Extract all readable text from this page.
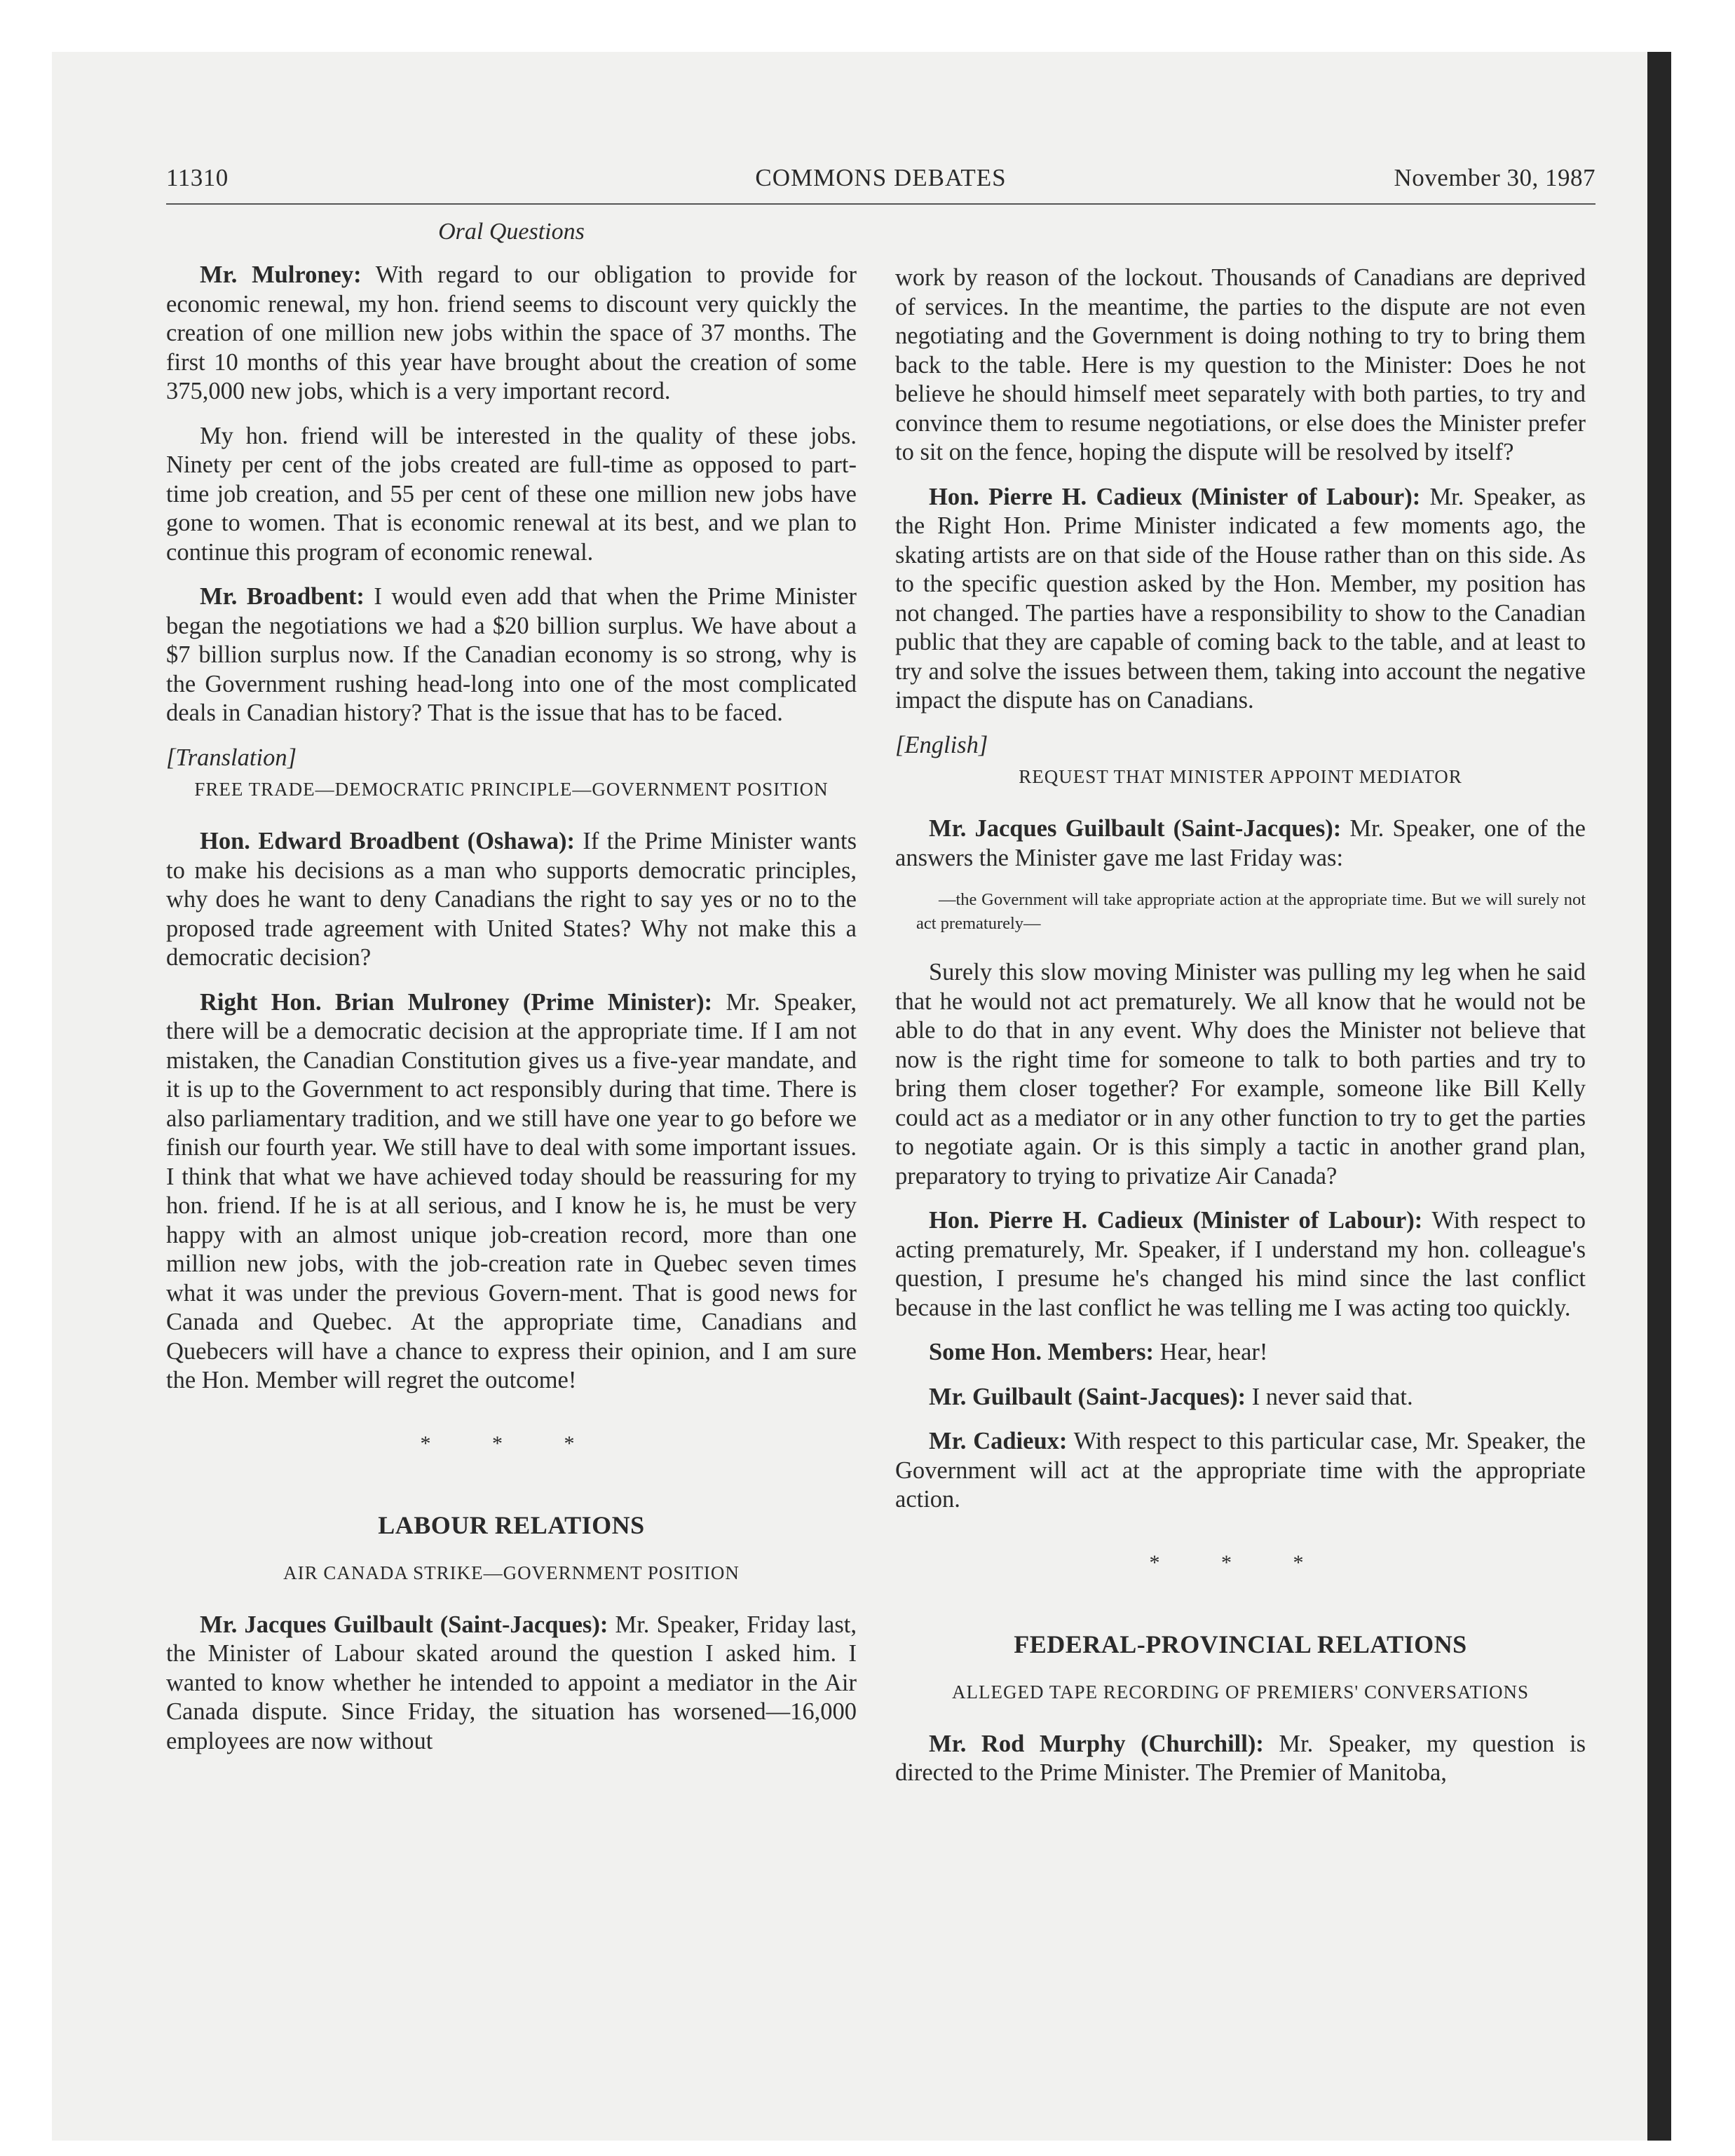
11310	COMMONS DEBATES	November 30, 1987
Oral Questions

Mr. Mulroney: With regard to our obligation to provide for economic renewal, my hon. friend seems to discount very quickly the creation of one million new jobs within the space of 37 months. The first 10 months of this year have brought about the creation of some 375,000 new jobs, which is a very important record.

My hon. friend will be interested in the quality of these jobs. Ninety per cent of the jobs created are full-time as opposed to part-time job creation, and 55 per cent of these one million new jobs have gone to women. That is economic renewal at its best, and we plan to continue this program of economic renewal.

Mr. Broadbent: I would even add that when the Prime Minister began the negotiations we had a $20 billion surplus. We have about a $7 billion surplus now. If the Canadian economy is so strong, why is the Government rushing head-long into one of the most complicated deals in Canadian history? That is the issue that has to be faced.

[Translation]
FREE TRADE—DEMOCRATIC PRINCIPLE—GOVERNMENT POSITION

Hon. Edward Broadbent (Oshawa): If the Prime Minister wants to make his decisions as a man who supports democratic principles, why does he want to deny Canadians the right to say yes or no to the proposed trade agreement with United States? Why not make this a democratic decision?

Right Hon. Brian Mulroney (Prime Minister): Mr. Speaker, there will be a democratic decision at the appropriate time. If I am not mistaken, the Canadian Constitution gives us a five-year mandate, and it is up to the Government to act responsibly during that time. There is also parliamentary tradition, and we still have one year to go before we finish our fourth year. We still have to deal with some important issues. I think that what we have achieved today should be reassuring for my hon. friend. If he is at all serious, and I know he is, he must be very happy with an almost unique job-creation record, more than one million new jobs, with the job-creation rate in Quebec seven times what it was under the previous Govern-ment. That is good news for Canada and Quebec. At the appropriate time, Canadians and Quebecers will have a chance to express their opinion, and I am sure the Hon. Member will regret the outcome!

* * *
LABOUR RELATIONS
AIR CANADA STRIKE—GOVERNMENT POSITION

Mr. Jacques Guilbault (Saint-Jacques): Mr. Speaker, Friday last, the Minister of Labour skated around the question I asked him. I wanted to know whether he intended to appoint a mediator in the Air Canada dispute. Since Friday, the situation has worsened—16,000 employees are now without

work by reason of the lockout. Thousands of Canadians are deprived of services. In the meantime, the parties to the dispute are not even negotiating and the Government is doing nothing to try to bring them back to the table. Here is my question to the Minister: Does he not believe he should himself meet separately with both parties, to try and convince them to resume negotiations, or else does the Minister prefer to sit on the fence, hoping the dispute will be resolved by itself?

Hon. Pierre H. Cadieux (Minister of Labour): Mr. Speaker, as the Right Hon. Prime Minister indicated a few moments ago, the skating artists are on that side of the House rather than on this side. As to the specific question asked by the Hon. Member, my position has not changed. The parties have a responsibility to show to the Canadian public that they are capable of coming back to the table, and at least to try and solve the issues between them, taking into account the negative impact the dispute has on Canadians.

[English]
REQUEST THAT MINISTER APPOINT MEDIATOR

Mr. Jacques Guilbault (Saint-Jacques): Mr. Speaker, one of the answers the Minister gave me last Friday was:

—the Government will take appropriate action at the appropriate time. But we will surely not act prematurely—

Surely this slow moving Minister was pulling my leg when he said that he would not act prematurely. We all know that he would not be able to do that in any event. Why does the Minister not believe that now is the right time for someone to talk to both parties and try to bring them closer together? For example, someone like Bill Kelly could act as a mediator or in any other function to try to get the parties to negotiate again. Or is this simply a tactic in another grand plan, preparatory to trying to privatize Air Canada?

Hon. Pierre H. Cadieux (Minister of Labour): With respect to acting prematurely, Mr. Speaker, if I understand my hon. colleague's question, I presume he's changed his mind since the last conflict because in the last conflict he was telling me I was acting too quickly.

Some Hon. Members: Hear, hear!

Mr. Guilbault (Saint-Jacques): I never said that.

Mr. Cadieux: With respect to this particular case, Mr. Speaker, the Government will act at the appropriate time with the appropriate action.

* * *
FEDERAL-PROVINCIAL RELATIONS
ALLEGED TAPE RECORDING OF PREMIERS' CONVERSATIONS

Mr. Rod Murphy (Churchill): Mr. Speaker, my question is directed to the Prime Minister. The Premier of Manitoba,
